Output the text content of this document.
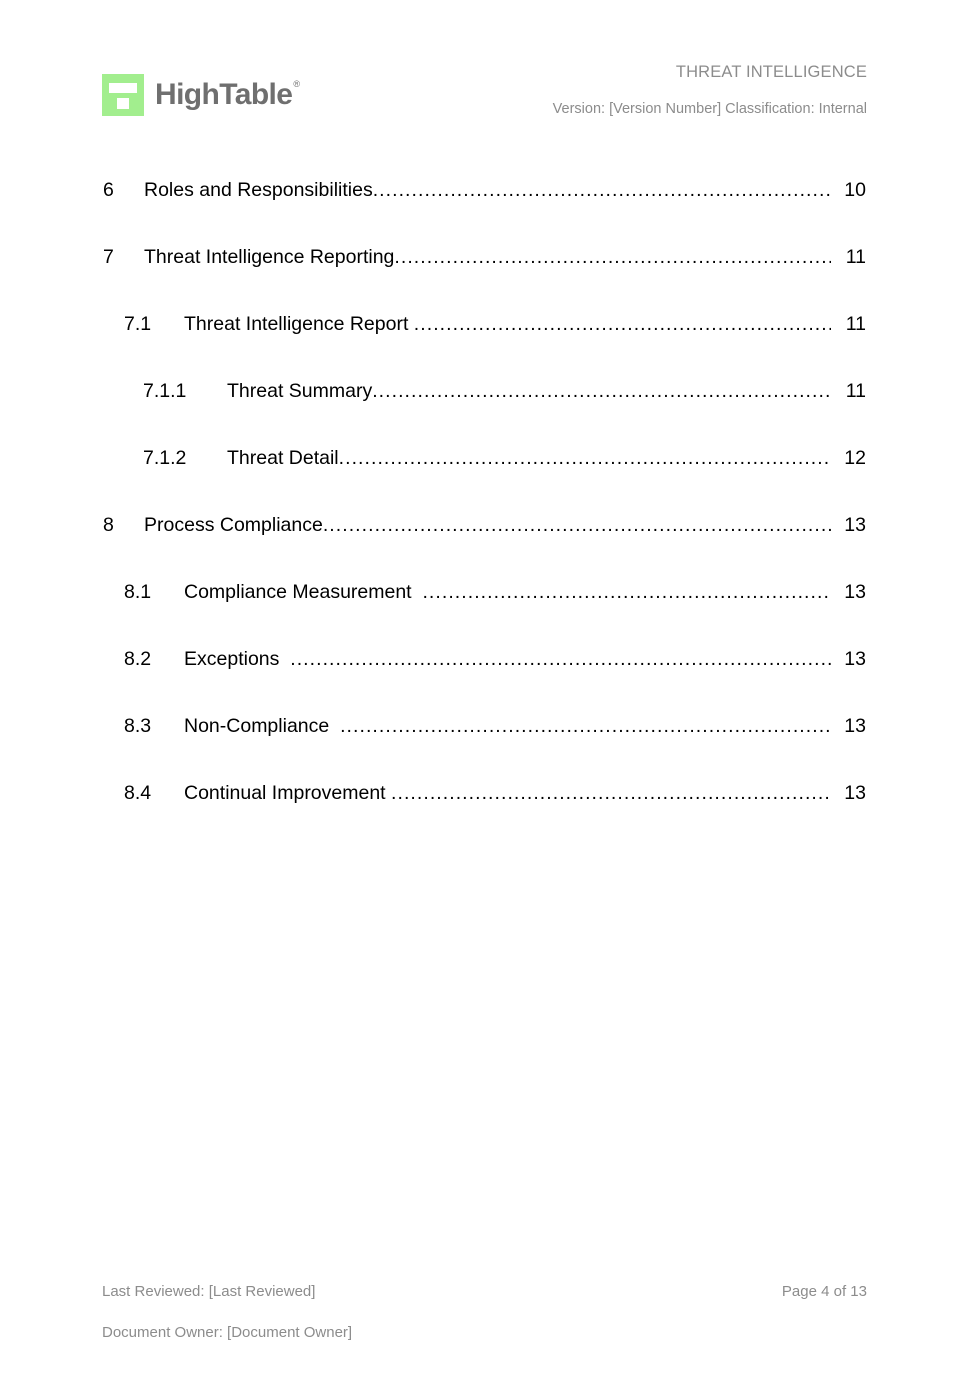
HighTable®
THREAT INTELLIGENCE
Version: [Version Number] Classification: Internal
6	Roles and Responsibilities .....	10
7	Threat Intelligence Reporting .....	11
7.1	Threat Intelligence Report .....	11
7.1.1	Threat Summary .....	11
7.1.2	Threat Detail .....	12
8	Process Compliance .....	13
8.1	Compliance Measurement .....	13
8.2	Exceptions .....	13
8.3	Non-Compliance .....	13
8.4	Continual Improvement .....	13
Last Reviewed: [Last Reviewed]	Page 4 of 13
Document Owner: [Document Owner]
